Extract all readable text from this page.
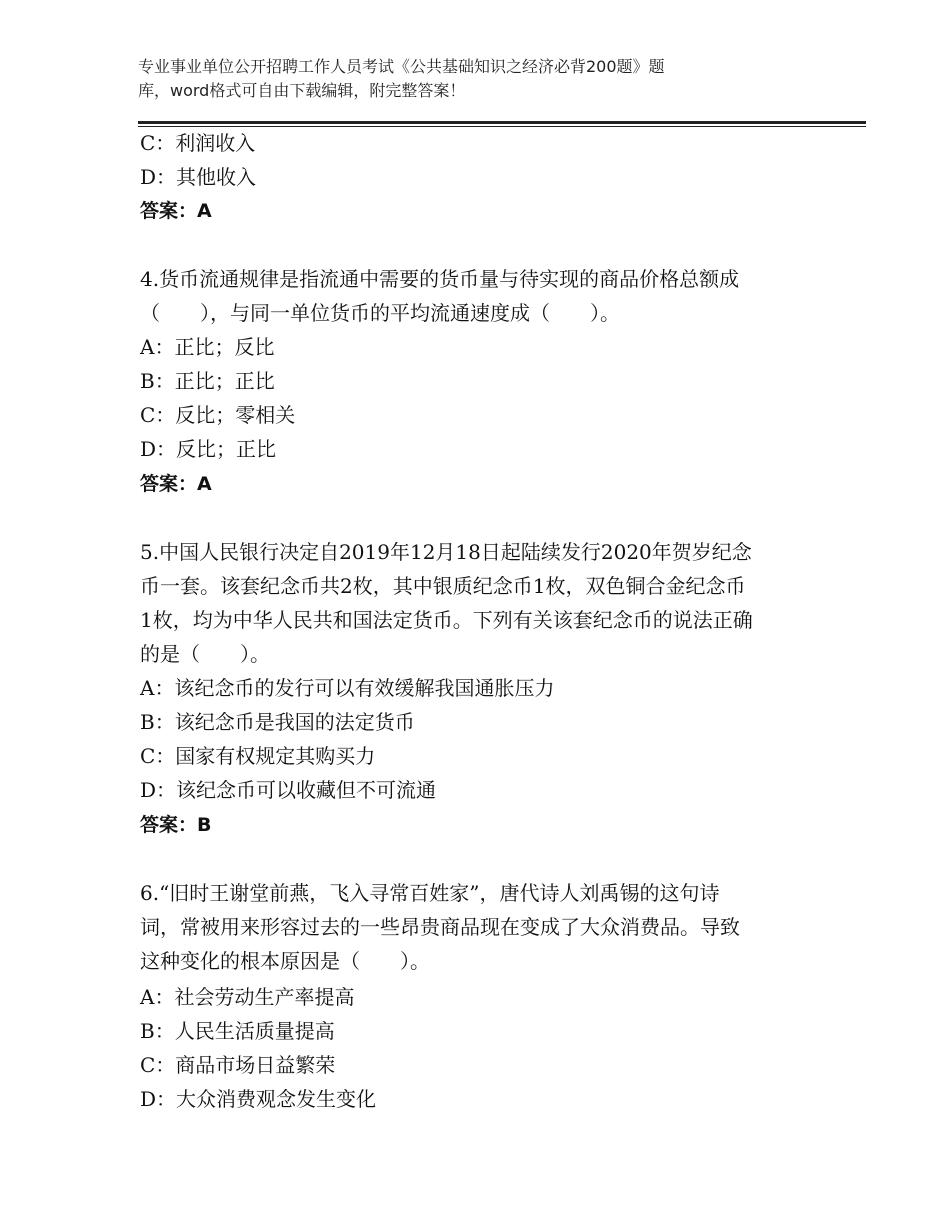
专业事业单位公开招聘工作人员考试《公共基础知识之经济必背200题》题
库，word格式可自由下载编辑，附完整答案！
C：利润收入
D：其他收入
答案：A
4.货币流通规律是指流通中需要的货币量与待实现的商品价格总额成
（　　），与同一单位货币的平均流通速度成（　　）。
A：正比；反比
B：正比；正比
C：反比；零相关
D：反比；正比
答案：A
5.中国人民银行决定自2019年12月18日起陆续发行2020年贺岁纪念
币一套。该套纪念币共2枚，其中银质纪念币1枚，双色铜合金纪念币
1枚，均为中华人民共和国法定货币。下列有关该套纪念币的说法正确
的是（　　）。
A：该纪念币的发行可以有效缓解我国通胀压力
B：该纪念币是我国的法定货币
C：国家有权规定其购买力
D：该纪念币可以收藏但不可流通
答案：B
6.“旧时王谢堂前燕，飞入寻常百姓家”，唐代诗人刘禹锡的这句诗
词，常被用来形容过去的一些昂贵商品现在变成了大众消费品。导致
这种变化的根本原因是（　　）。
A：社会劳动生产率提高
B：人民生活质量提高
C：商品市场日益繁荣
D：大众消费观念发生变化
